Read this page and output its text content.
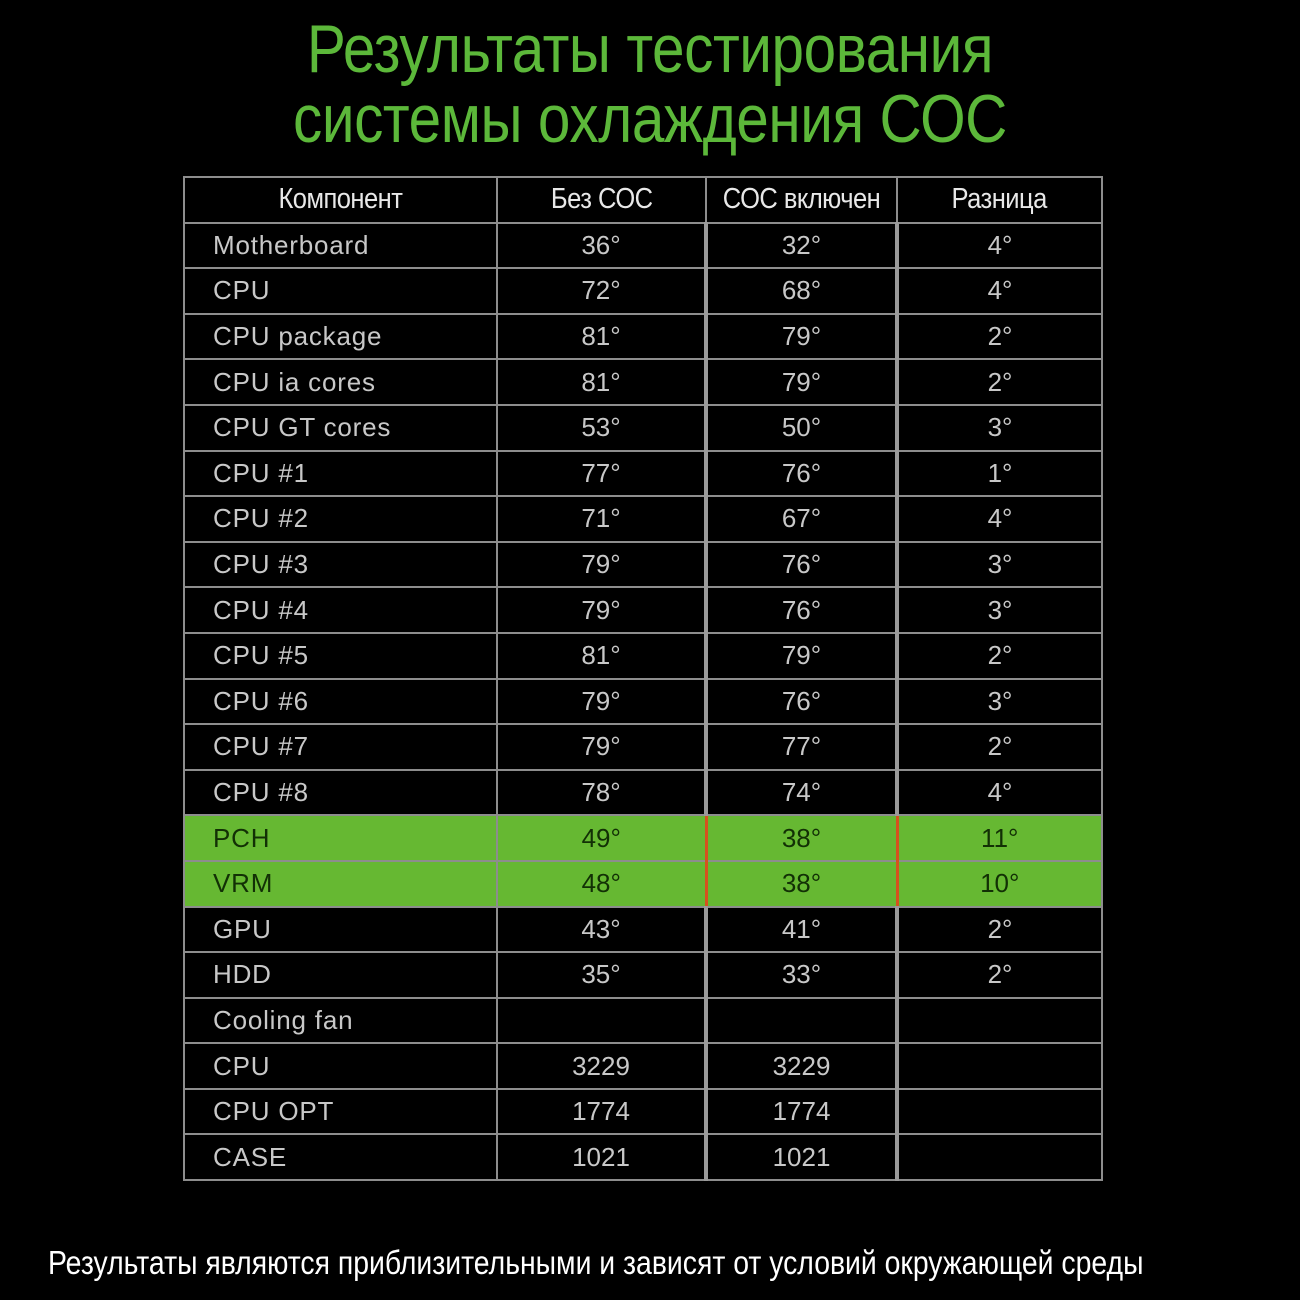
Результаты тестирования
системы охлаждения СОС
Компонент	Без СОС	СОС включен	Разница
Motherboard	36°	32°	4°
CPU	72°	68°	4°
CPU package	81°	79°	2°
CPU ia cores	81°	79°	2°
CPU GT cores	53°	50°	3°
CPU #1	77°	76°	1°
CPU #2	71°	67°	4°
CPU #3	79°	76°	3°
CPU #4	79°	76°	3°
CPU #5	81°	79°	2°
CPU #6	79°	76°	3°
CPU #7	79°	77°	2°
CPU #8	78°	74°	4°
PCH	49°	38°	11°
VRM	48°	38°	10°
GPU	43°	41°	2°
HDD	35°	33°	2°
Cooling fan			
CPU	3229	3229	
CPU OPT	1774	1774	
CASE	1021	1021	
Результаты являются приблизительными и зависят от условий окружающей среды
